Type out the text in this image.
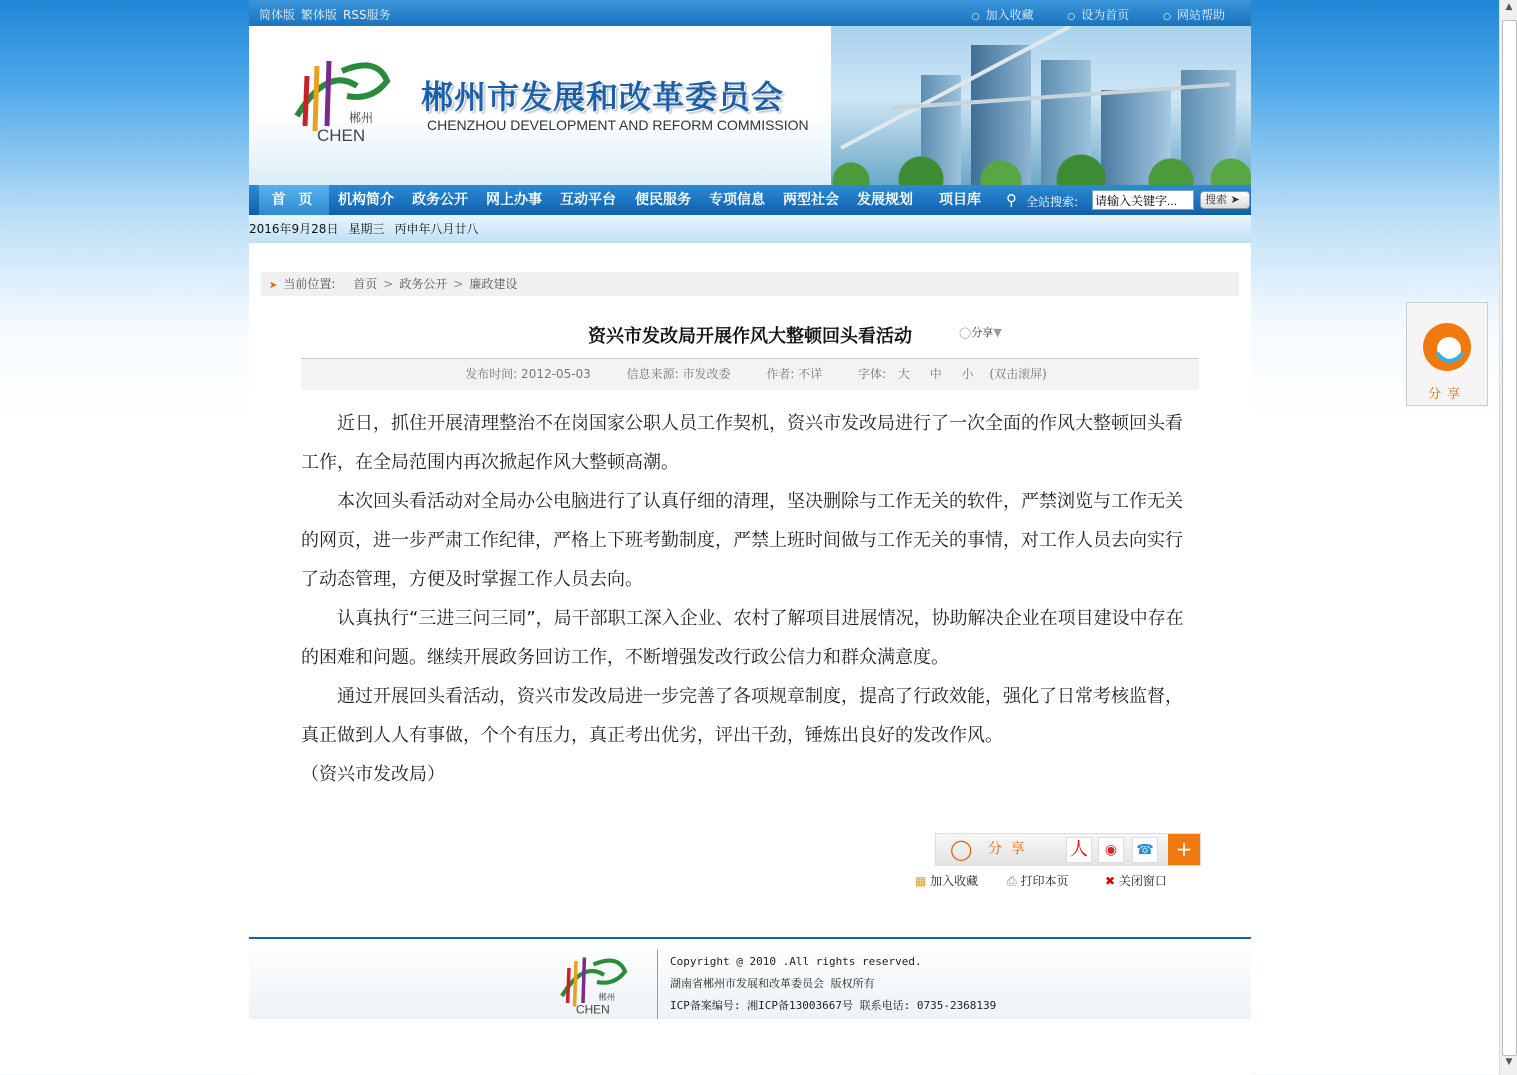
简体版 繁体版 RSS服务	○ 加入收藏	○ 设为首页	○ 网站帮助
郴州
CHEN
郴州市发展和改革委员会
CHENZHOU DEVELOPMENT AND REFORM COMMISSION
首 页	机构简介 政务公开 网上办事 互动平台 便民服务 专项信息 两型社会 发展规划 项目库 ⚲ 全站搜索:
请输入关键字...	搜索 ➤
2016年9月28日 星期三 丙申年八月廿八
➤ 当前位置: 首页 > 政务公开 > 廉政建设
资兴市发改局开展作风大整顿回头看活动	◯分享▼
发布时间: 2012-05-03	信息来源: 市发改委	作者: 不详	字体: 大 中 小 (双击滚屏)

近日，抓住开展清理整治不在岗国家公职人员工作契机，资兴市发改局进行了一次全面的作风大整顿回头看工作，在全局范围内再次掀起作风大整顿高潮。

本次回头看活动对全局办公电脑进行了认真仔细的清理，坚决删除与工作无关的软件，严禁浏览与工作无关的网页，进一步严肃工作纪律，严格上下班考勤制度，严禁上班时间做与工作无关的事情，对工作人员去向实行了动态管理，方便及时掌握工作人员去向。

认真执行“三进三问三同”，局干部职工深入企业、农村了解项目进展情况，协助解决企业在项目建设中存在的困难和问题。继续开展政务回访工作，不断增强发改行政公信力和群众满意度。

通过开展回头看活动，资兴市发改局进一步完善了各项规章制度，提高了行政效能，强化了日常考核监督，真正做到人人有事做，个个有压力，真正考出优劣，评出干劲，锤炼出良好的发改作风。

（资兴市发改局）

◯ 分 享 人	◉	☎	+
▦ 加入收藏 ⎙ 打印本页	✖ 关闭窗口
郴州
CHEN
Copyright @ 2010 .All rights reserved.
湖南省郴州市发展和改革委员会 版权所有
ICP备案编号: 湘ICP备13003667号 联系电话: 0735-2368139
分享
▲
▼
